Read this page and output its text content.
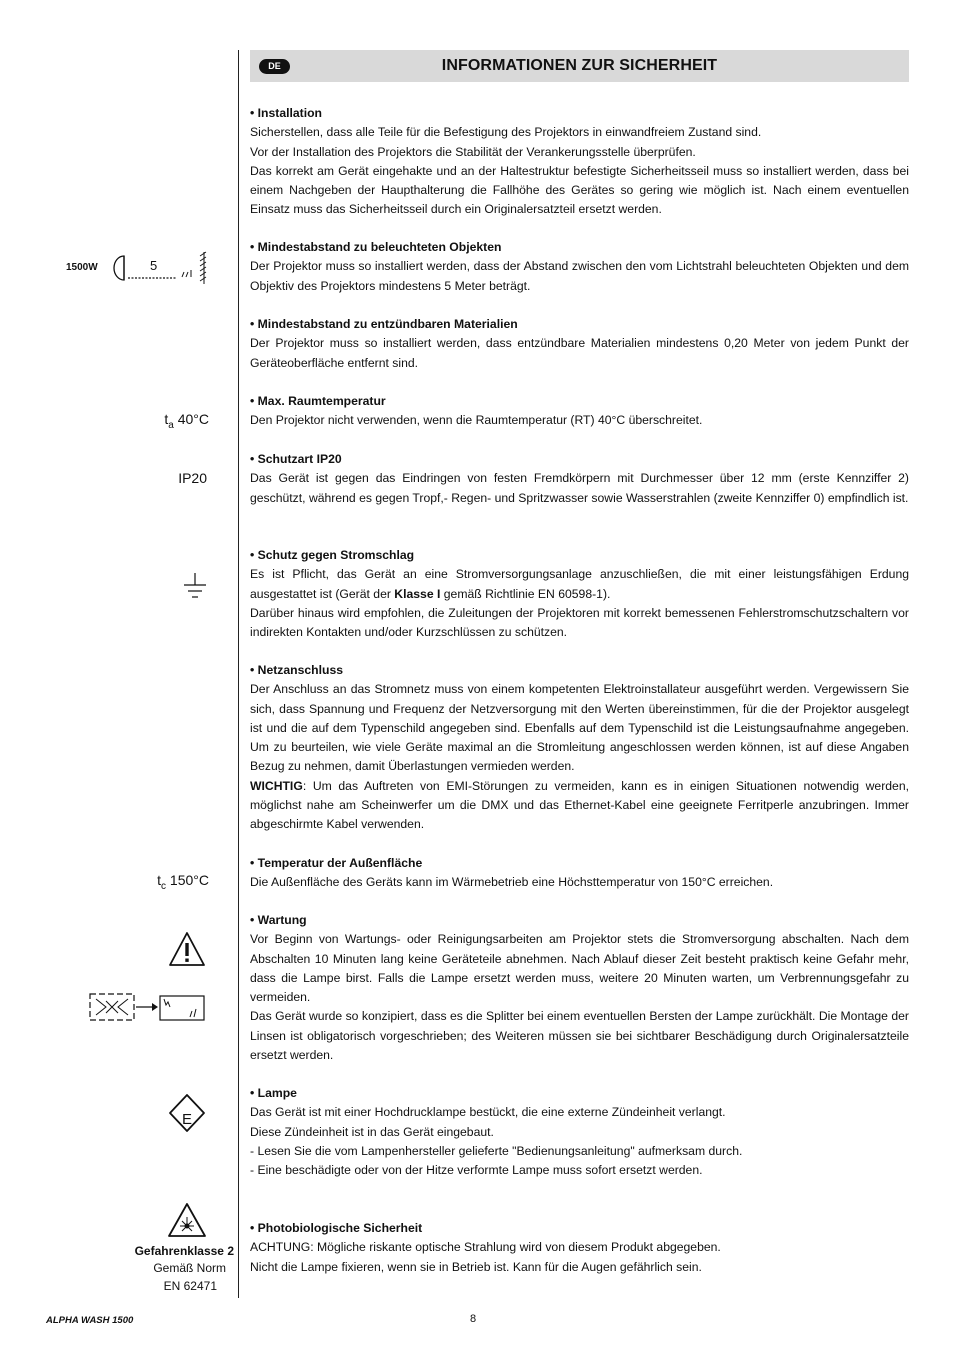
DE	INFORMATIONEN ZUR SICHERHEIT
1500W	5
$t_a$ 40°C
IP20
$t_c$ 150°C
E
Gefahrenklasse 2
Gemäß Norm
EN 62471
• Installation

Sicherstellen, dass alle Teile für die Befestigung des Projektors in einwandfreiem Zustand sind.

Vor der Installation des Projektors die Stabilität der Verankerungsstelle überprüfen.

Das korrekt am Gerät eingehakte und an der Haltestruktur befestigte Sicherheitsseil muss so installiert werden, dass bei einem Nachgeben der Haupthalterung die Fallhöhe des Gerätes so gering wie möglich ist. Nach einem eventuellen Einsatz muss das Sicherheitsseil durch ein Originalersatzteil ersetzt werden.

• Mindestabstand zu beleuchteten Objekten

Der Projektor muss so installiert werden, dass der Abstand zwischen den vom Lichtstrahl beleuchteten Objekten und dem Objektiv des Projektors mindestens 5 Meter beträgt.

• Mindestabstand zu entzündbaren Materialien

Der Projektor muss so installiert werden, dass entzündbare Materialien mindestens 0,20 Meter von jedem Punkt der Geräteoberfläche entfernt sind.

• Max. Raumtemperatur

Den Projektor nicht verwenden, wenn die Raumtemperatur (RT) 40°C überschreitet.

• Schutzart IP20

Das Gerät ist gegen das Eindringen von festen Fremdkörpern mit Durchmesser über 12 mm (erste Kennziffer 2) geschützt, während es gegen Tropf,- Regen- und Spritzwasser sowie Wasserstrahlen (zweite Kennziffer 0) empfindlich ist.

• Schutz gegen Stromschlag

Es ist Pflicht, das Gerät an eine Stromversorgungsanlage anzuschließen, die mit einer leistungsfähigen Erdung ausgestattet ist (Gerät der Klasse I gemäß Richtlinie EN 60598-1).

Darüber hinaus wird empfohlen, die Zuleitungen der Projektoren mit korrekt bemessenen Fehlerstromschutzschaltern vor indirekten Kontakten und/oder Kurzschlüssen zu schützen.

• Netzanschluss

Der Anschluss an das Stromnetz muss von einem kompetenten Elektroinstallateur ausgeführt werden. Vergewissern Sie sich, dass Spannung und Frequenz der Netzversorgung mit den Werten übereinstimmen, für die der Projektor ausgelegt ist und die auf dem Typenschild angegeben sind. Ebenfalls auf dem Typenschild ist die Leistungsaufnahme angegeben. Um zu beurteilen, wie viele Geräte maximal an die Stromleitung angeschlossen werden können, ist auf diese Angaben Bezug zu nehmen, damit Überlastungen vermieden werden.

WICHTIG: Um das Auftreten von EMI-Störungen zu vermeiden, kann es in einigen Situationen notwendig werden, möglichst nahe am Scheinwerfer um die DMX und das Ethernet-Kabel eine geeignete Ferritperle anzubringen. Immer abgeschirmte Kabel verwenden.

• Temperatur der Außenfläche

Die Außenfläche des Geräts kann im Wärmebetrieb eine Höchsttemperatur von 150°C erreichen.

• Wartung

Vor Beginn von Wartungs- oder Reinigungsarbeiten am Projektor stets die Stromversorgung abschalten. Nach dem Abschalten 10 Minuten lang keine Geräteteile abnehmen. Nach Ablauf dieser Zeit besteht praktisch keine Gefahr mehr, dass die Lampe birst. Falls die Lampe ersetzt werden muss, weitere 20 Minuten warten, um Verbrennungsgefahr zu vermeiden.

Das Gerät wurde so konzipiert, dass es die Splitter bei einem eventuellen Bersten der Lampe zurückhält. Die Montage der Linsen ist obligatorisch vorgeschrieben; des Weiteren müssen sie bei sichtbarer Beschädigung durch Originalersatzteile ersetzt werden.

• Lampe

Das Gerät ist mit einer Hochdrucklampe bestückt, die eine externe Zündeinheit verlangt.

Diese Zündeinheit ist in das Gerät eingebaut.

- Lesen Sie die vom Lampenhersteller gelieferte "Bedienungsanleitung" aufmerksam durch.

- Eine beschädigte oder von der Hitze verformte Lampe muss sofort ersetzt werden.

• Photobiologische Sicherheit

ACHTUNG: Mögliche riskante optische Strahlung wird von diesem Produkt abgegeben.

Nicht die Lampe fixieren, wenn sie in Betrieb ist. Kann für die Augen gefährlich sein.

ALPHA WASH 1500	8
